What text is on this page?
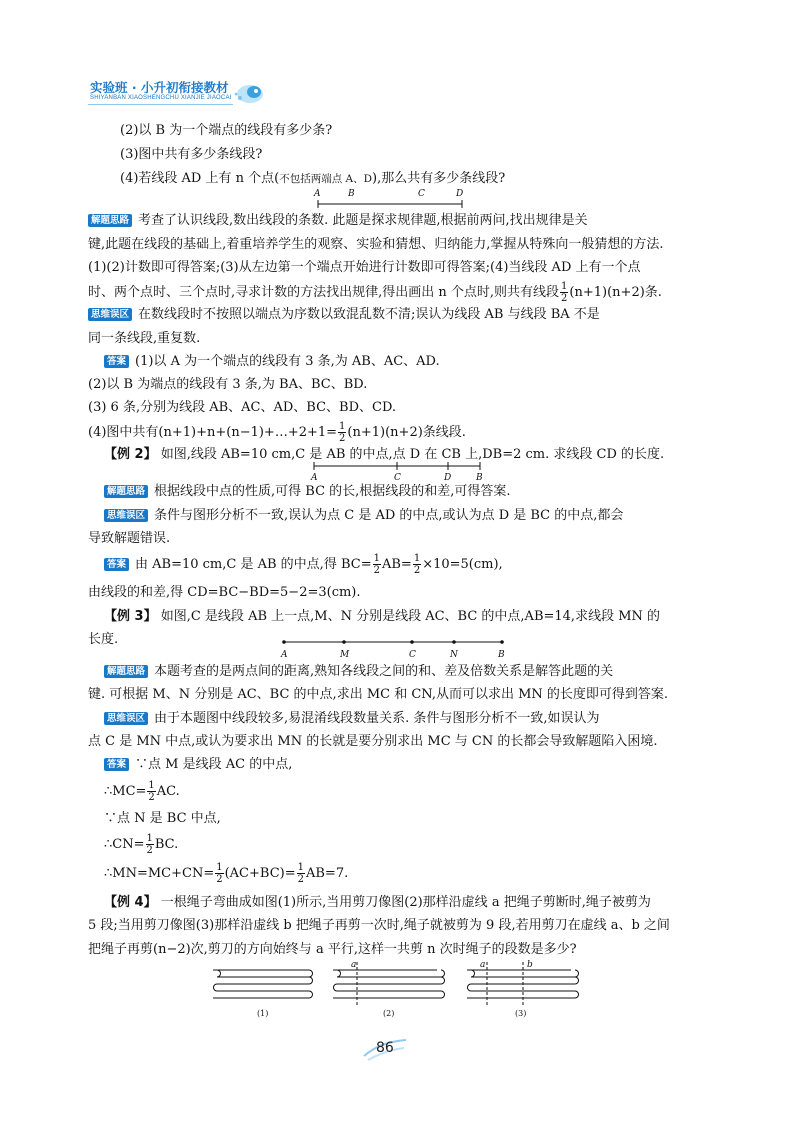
实验班 · 小升初衔接教材
SHIYANBAN XIAOSHENGCHU XIANJIE JIAOCAI
(2)以 B 为一个端点的线段有多少条?
(3)图中共有多少条线段?
(4)若线段 AD 上有 n 个点(不包括两端点 A、D),那么共有多少条线段?
A	B	C	D
解题思路 考查了认识线段,数出线段的条数. 此题是探求规律题,根据前两问,找出规律是关
键,此题在线段的基础上,着重培养学生的观察、实验和猜想、归纳能力,掌握从特殊向一般猜想的方法.
(1)(2)计数即可得答案;(3)从左边第一个端点开始进行计数即可得答案;(4)当线段 AD 上有一个点
时、两个点时、三个点时,寻求计数的方法找出规律,得出画出 n 个点时,则共有线段 $\frac{1}{2} (n+1)(n+2)$条.
思维误区 在数线段时不按照以端点为序数以致混乱数不清;误认为线段 AB 与线段 BA 不是
同一条线段,重复数.
答案 (1)以 A 为一个端点的线段有 3 条,为 AB、AC、AD.
(2)以 B 为端点的线段有 3 条,为 BA、BC、BD.
(3) 6 条,分别为线段 AB、AC、AD、BC、BD、CD.
(4)图中共有(n+1)+n+(n−1)+…+2+1= $\frac{1}{2} (n+1)(n+2)$条线段.
【例 2】 如图,线段 AB=10 cm,C 是 AB 的中点,点 D 在 CB 上,DB=2 cm. 求线段 CD 的长度.
A	C	D	B
解题思路 根据线段中点的性质,可得 BC 的长,根据线段的和差,可得答案.
思维误区 条件与图形分析不一致,误认为点 C 是 AD 的中点,或认为点 D 是 BC 的中点,都会
导致解题错误.
答案 由 AB=10 cm,C 是 AB 的中点,得 $BC= \frac{1}{2} AB= \frac{1}{2} \times 10=5(cm)$,
由线段的和差,得 CD=BC−BD=5−2=3(cm).
【例 3】 如图,C 是线段 AB 上一点,M、N 分别是线段 AC、BC 的中点,AB=14,求线段 MN 的
长度.
A	M	C	N	B
解题思路 本题考查的是两点间的距离,熟知各线段之间的和、差及倍数关系是解答此题的关
键. 可根据 M、N 分别是 AC、BC 的中点,求出 MC 和 CN,从而可以求出 MN 的长度即可得到答案.
思维误区 由于本题图中线段较多,易混淆线段数量关系. 条件与图形分析不一致,如误认为
点 C 是 MN 中点,或认为要求出 MN 的长就是要分别求出 MC 与 CN 的长都会导致解题陷入困境.
答案 ∵点 M 是线段 AC 的中点,
∴MC= $\frac{1}{2}$ AC.
∵点 N 是 BC 中点,
∴CN= $\frac{1}{2}$ BC.
∴MN=MC+CN= $\frac{1}{2} (AC+BC)= \frac{1}{2} AB=7$.
【例 4】 一根绳子弯曲成如图(1)所示,当用剪刀像图(2)那样沿虚线 a 把绳子剪断时,绳子被剪为
5 段;当用剪刀像图(3)那样沿虚线 b 把绳子再剪一次时,绳子就被剪为 9 段,若用剪刀在虚线 a、b 之间
把绳子再剪(n−2)次,剪刀的方向始终与 a 平行,这样一共剪 n 次时绳子的段数是多少?
a	a	b
(1)	(2)	(3)
86
